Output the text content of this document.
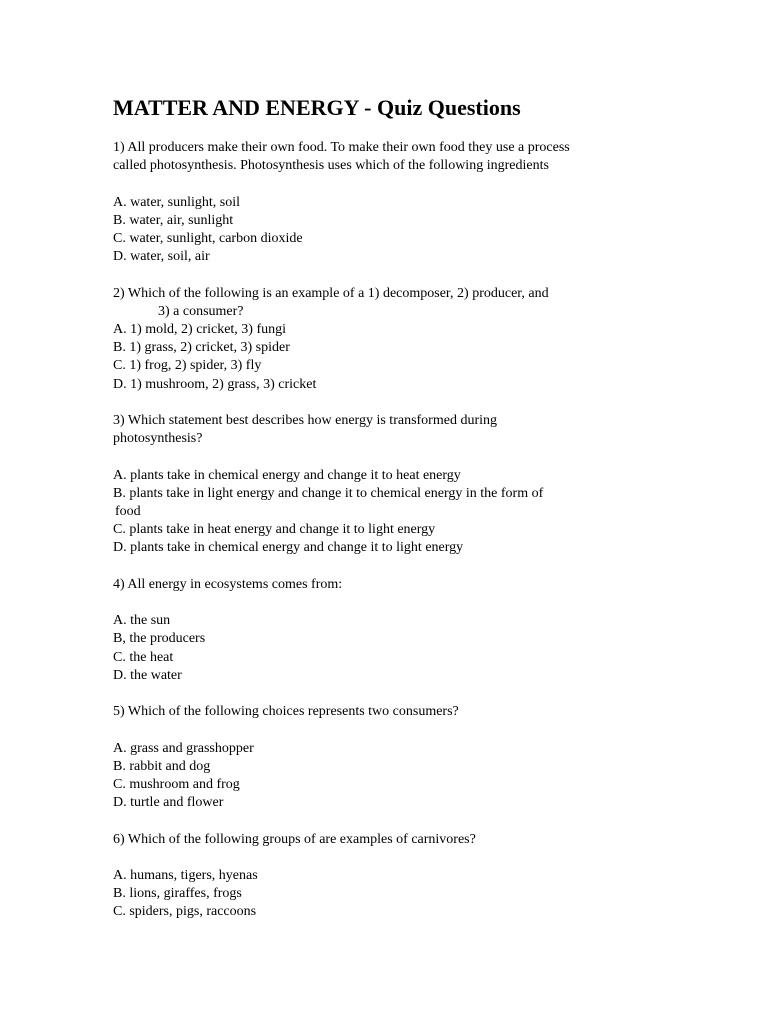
MATTER AND ENERGY - Quiz Questions

1) All producers make their own food. To make their own food they use a process

called photosynthesis. Photosynthesis uses which of the following ingredients

A. water, sunlight, soil

B. water, air, sunlight

C. water, sunlight, carbon dioxide

D. water, soil, air

2) Which of the following is an example of a 1) decomposer, 2) producer, and

3) a consumer?

A. 1) mold, 2) cricket, 3) fungi

B. 1) grass, 2) cricket, 3) spider

C. 1) frog, 2) spider, 3) fly

D. 1) mushroom, 2) grass, 3) cricket

3) Which statement best describes how energy is transformed during

photosynthesis?

A. plants take in chemical energy and change it to heat energy

B. plants take in light energy and change it to chemical energy in the form of

food

C. plants take in heat energy and change it to light energy

D. plants take in chemical energy and change it to light energy

4) All energy in ecosystems comes from:

A. the sun

B, the producers

C. the heat

D. the water

5) Which of the following choices represents two consumers?

A. grass and grasshopper

B. rabbit and dog

C. mushroom and frog

D. turtle and flower

6) Which of the following groups of are examples of carnivores?

A. humans, tigers, hyenas

B. lions, giraffes, frogs

C. spiders, pigs, raccoons
